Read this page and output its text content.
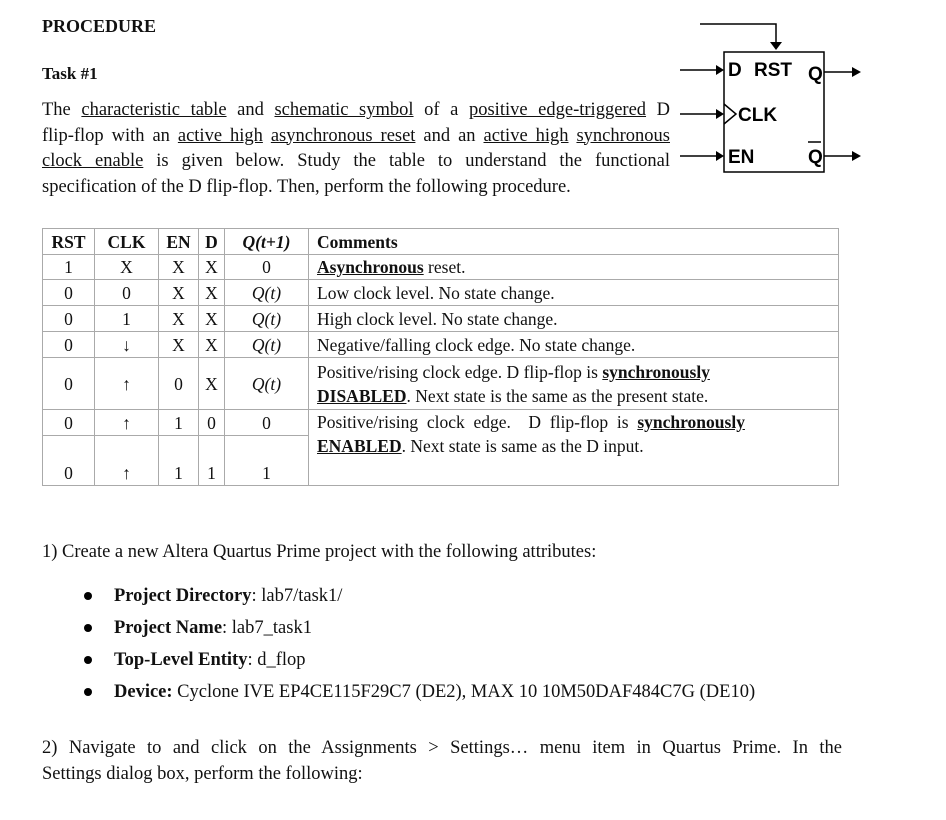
PROCEDURE
Task #1
The characteristic table and schematic symbol of a positive edge-triggered D
flip-flop with an active high asynchronous reset and an active high synchronous
clock enable is given below. Study the table to understand the functional
specification of the D flip-flop. Then, perform the following procedure.
D RST Q
CLK
EN	Q
RST	CLK	EN	D	Q(t+1)	Comments
1	X	X	X	0	Asynchronous reset.
0	0	X	X	Q(t)	Low clock level. No state change.
0	1	X	X	Q(t)	High clock level. No state change.
0	↓	X	X	Q(t)	Negative/falling clock edge. No state change.
0	↑	0	X	Q(t)	Positive/rising clock edge. D flip-flop is synchronously
DISABLED. Next state is the same as the present state.

0	↑	1	0	0	Positive/rising  clock  edge.    D  flip-flop  is  synchronously
ENABLED. Next state is same as the D input.

0	↑	1	1	1	
1) Create a new Altera Quartus Prime project with the following attributes:
Project Directory: lab7/task1/
Project Name: lab7_task1
Top-Level Entity: d_flop
Device: Cyclone IVE EP4CE115F29C7 (DE2), MAX 10 10M50DAF484C7G (DE10)
2) Navigate to and click on the Assignments > Settings… menu item in Quartus Prime. In the
Settings dialog box, perform the following:
